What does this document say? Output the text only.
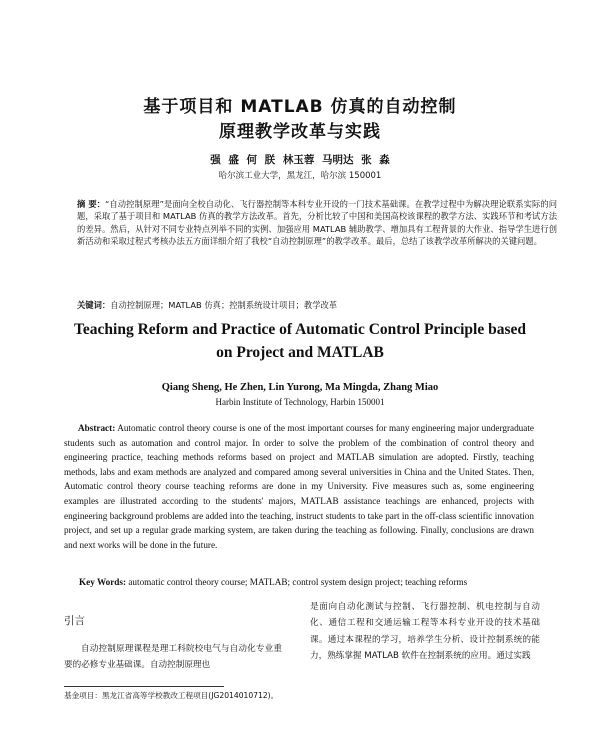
基于项目和 MATLAB 仿真的自动控制
原理教学改革与实践
强 盛 何 朕 林玉蓉 马明达 张 淼
哈尔滨工业大学，黑龙江，哈尔滨 150001
摘 要：“自动控制原理”是面向全校自动化、飞行器控制等本科专业开设的一门技术基础课。在教学过程中为解决理论联系实际的问题，采取了基于项目和 MATLAB 仿真的教学方法改革。首先，分析比较了中国和美国高校该课程的教学方法、实践环节和考试方法的差异。然后，从针对不同专业特点列举不同的实例、加强应用 MATLAB 辅助教学、增加具有工程背景的大作业、指导学生进行创新活动和采取过程式考核办法五方面详细介绍了我校“自动控制原理”的教学改革。最后，总结了该教学改革所解决的关键问题。
关键词：自动控制原理；MATLAB 仿真；控制系统设计项目；教学改革
Teaching Reform and Practice of Automatic Control Principle based
on Project and MATLAB
Qiang Sheng, He Zhen, Lin Yurong, Ma Mingda, Zhang Miao
Harbin Institute of Technology, Harbin 150001
Abstract: Automatic control theory course is one of the most important courses for many engineering major undergraduate students such as automation and control major. In order to solve the problem of the combination of control theory and engineering practice, teaching methods reforms based on project and MATLAB simulation are adopted. Firstly, teaching methods, labs and exam methods are analyzed and compared among several universities in China and the United States. Then, Automatic control theory course teaching reforms are done in my University. Five measures such as, some engineering examples are illustrated according to the students' majors, MATLAB assistance teachings are enhanced, projects with engineering background problems are added into the teaching, instruct students to take part in the off-class scientific innovation project, and set up a regular grade marking system, are taken during the teaching as following. Finally, conclusions are drawn and next works will be done in the future.
Key Words: automatic control theory course; MATLAB; control system design project; teaching reforms
引言
自动控制原理课程是理工科院校电气与自动化专业重要的必修专业基础课。自动控制原理也
是面向自动化测试与控制、飞行器控制、机电控制与自动化、通信工程和交通运输工程等本科专业开设的技术基础课。通过本课程的学习，培养学生分析、设计控制系统的能力，熟练掌握 MATLAB 软件在控制系统的应用。通过实践
基金项目：黑龙江省高等学校教改工程项目(JG2014010712)。
